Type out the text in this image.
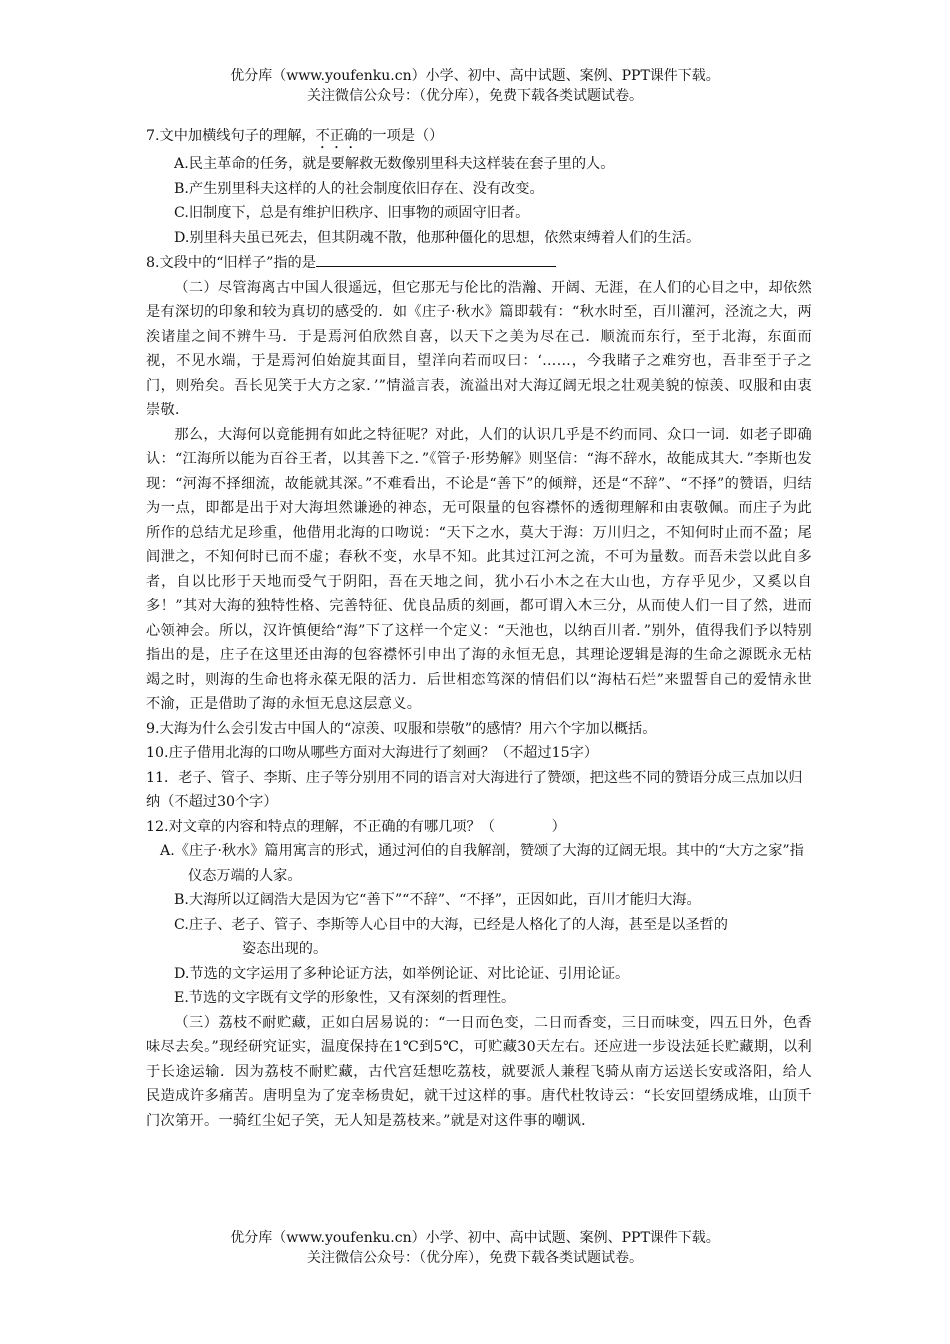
优分库（www.youfenku.cn）小学、初中、高中试题、案例、PPT课件下载。
关注微信公众号：（优分库），免费下载各类试题试卷。

7.文中加横线句子的理解，不正确的一项是（）

A.民主革命的任务，就是要解救无数像别里科夫这样装在套子里的人。

B.产生别里科夫这样的人的社会制度依旧存在、没有改变。

C.旧制度下，总是有维护旧秩序、旧事物的顽固守旧者。

D.别里科夫虽已死去，但其阴魂不散，他那种僵化的思想，依然束缚着人们的生活。

8.文段中的“旧样子”指的是

（二）尽管海离古中国人很遥远，但它那无与伦比的浩瀚、开阔、无涯，在人们的心目之中，却依然是有深切的印象和较为真切的感受的．如《庄子·秋水》篇即载有：“秋水时至，百川灌河，泾流之大，两涘诸崖之间不辨牛马．于是焉河伯欣然自喜，以天下之美为尽在己．顺流而东行，至于北海，东面而视，不见水端，于是焉河伯始旋其面目，望洋向若而叹曰：‘……，今我睹子之难穷也，吾非至于子之门，则殆矣。吾长见笑于大方之家．’”情溢言表，流溢出对大海辽阔无垠之壮观美貌的惊羡、叹服和由衷崇敬．

那么，大海何以竟能拥有如此之特征呢？对此，人们的认识几乎是不约而同、众口一词．如老子即确认：“江海所以能为百谷王者，以其善下之．”《管子·形势解》则坚信：“海不辞水，故能成其大．”李斯也发现：“河海不择细流，故能就其深。”不难看出，不论是“善下”的倾辩，还是“不辞”、“不择”的赞语，归结为一点，即都是出于对大海坦然谦逊的神态，无可限量的包容襟怀的透彻理解和由衷敬佩。而庄子为此所作的总结尤足珍重，他借用北海的口吻说：“天下之水，莫大于海：万川归之，不知何时止而不盈；尾闾泄之，不知何时已而不虚；春秋不变，水旱不知。此其过江河之流，不可为量数。而吾未尝以此自多者，自以比形于天地而受气于阴阳，吾在天地之间，犹小石小木之在大山也，方存乎见少，又奚以自多！”其对大海的独特性格、完善特征、优良品质的刻画，都可谓入木三分，从而使人们一目了然，进而心领神会。所以，汉许慎便给“海”下了这样一个定义：“天池也，以纳百川者．”别外，值得我们予以特别指出的是，庄子在这里还由海的包容襟怀引申出了海的永恒无息，其理论逻辑是海的生命之源既永无枯竭之时，则海的生命也将永葆无限的活力．后世相恋笃深的情侣们以“海枯石烂”来盟誓自己的爱情永世不渝，正是借助了海的永恒无息这层意义。

9.大海为什么会引发古中国人的“凉羡、叹服和崇敬”的感情？用六个字加以概括。

10.庄子借用北海的口吻从哪些方面对大海进行了刻画？（不超过15字）

11．老子、管子、李斯、庄子等分别用不同的语言对大海进行了赞颂，把这些不同的赞语分成三点加以归纳（不超过30个字）

12.对文章的内容和特点的理解，不正确的有哪几项？（　　　　）

A.《庄子·秋水》篇用寓言的形式，通过河伯的自我解剖，赞颂了大海的辽阔无垠。其中的“大方之家”指仪态万端的人家。

B.大海所以辽阔浩大是因为它“善下”“不辞”、“不择”，正因如此，百川才能归大海。

C.庄子、老子、管子、李斯等人心目中的大海，已经是人格化了的人海，甚至是以圣哲的

姿态出现的。

D.节选的文字运用了多种论证方法，如举例论证、对比论证、引用论证。

E.节选的文字既有文学的形象性，又有深刻的哲理性。

（三）荔枝不耐贮藏，正如白居易说的：“一日而色变，二日而香变，三日而味变，四五日外，色香味尽去矣。”现经研究证实，温度保持在1℃到5℃，可贮藏30天左右。还应进一步设法延长贮藏期，以利于长途运输．因为荔枝不耐贮藏，古代宫廷想吃荔枝，就要派人兼程飞骑从南方运送长安或洛阳，给人民造成许多痛苦。唐明皇为了宠幸杨贵妃，就干过这样的事。唐代杜牧诗云：“长安回望绣成堆，山顶千门次第开。一骑红尘妃子笑，无人知是荔枝来。”就是对这件事的嘲讽．

优分库（www.youfenku.cn）小学、初中、高中试题、案例、PPT课件下载。
关注微信公众号：（优分库），免费下载各类试题试卷。
